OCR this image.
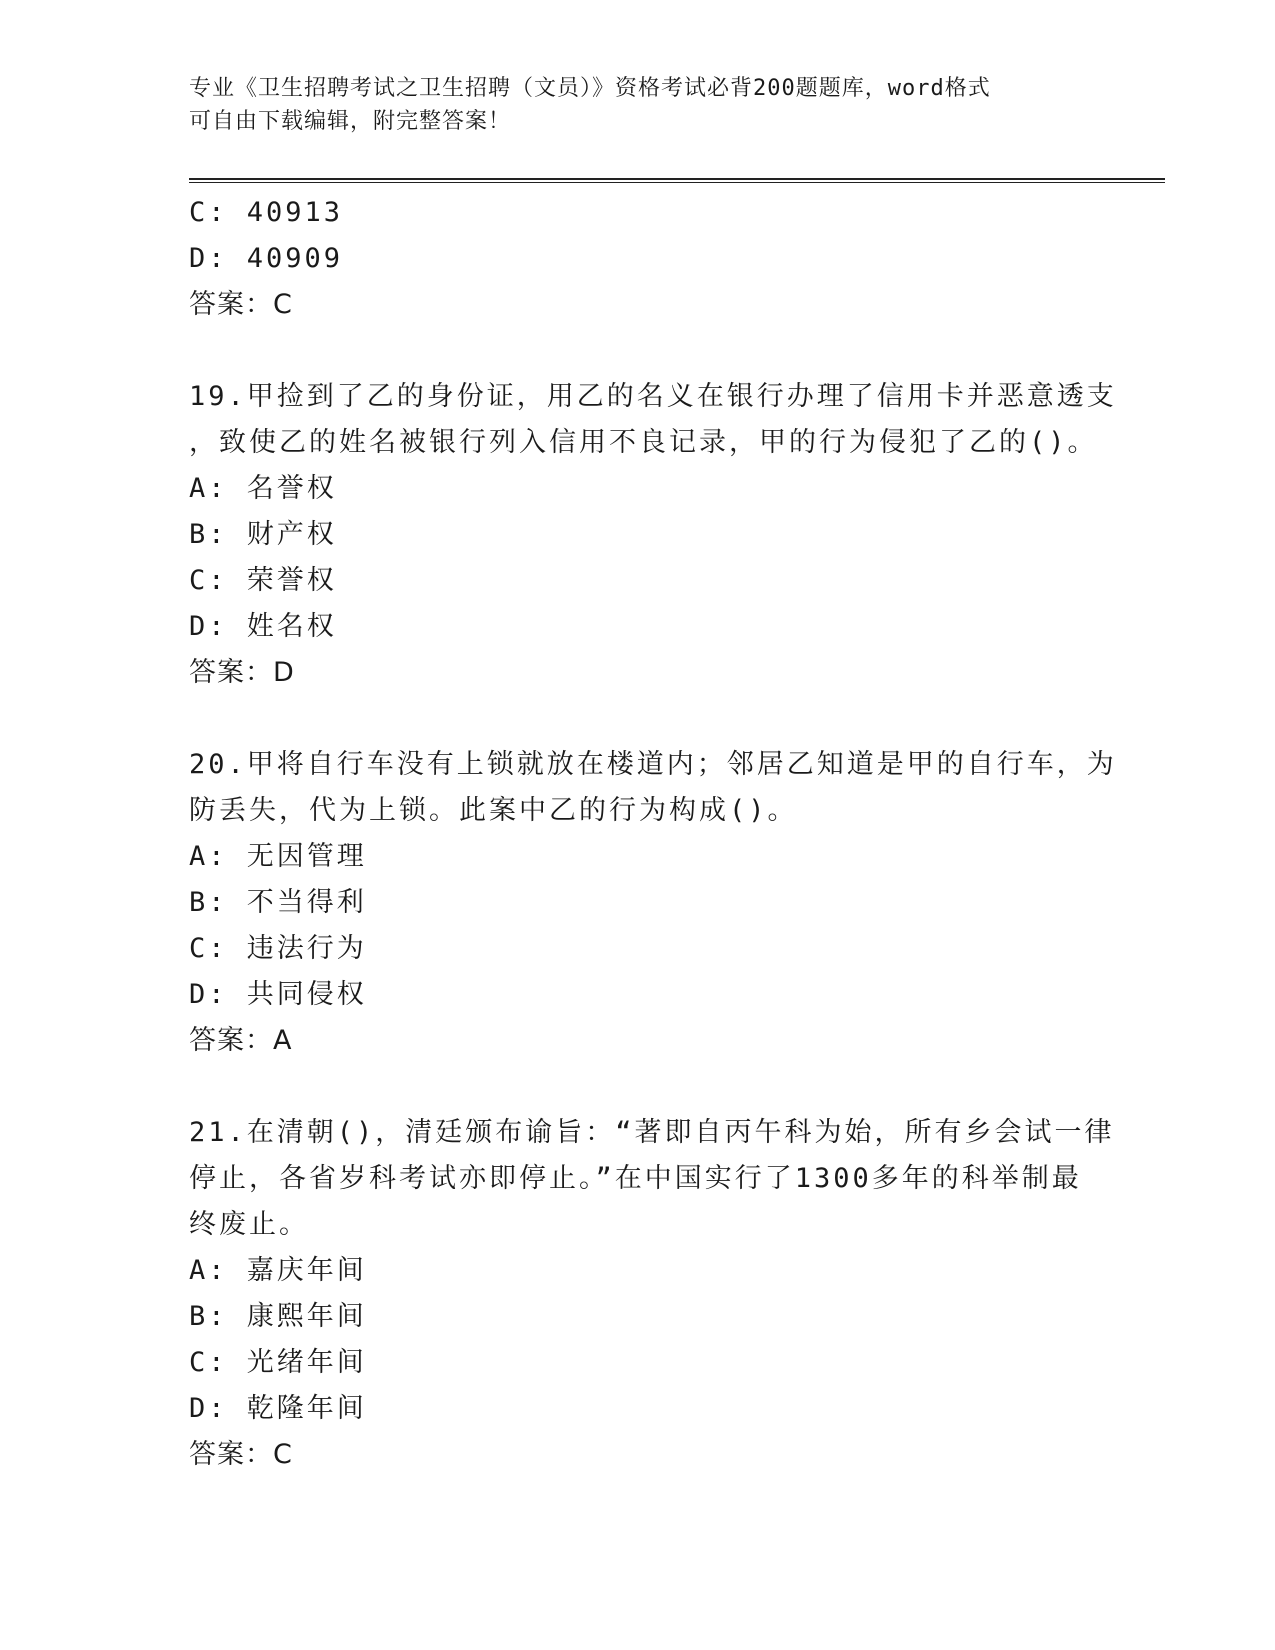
专业《卫生招聘考试之卫生招聘（文员）》资格考试必背200题题库，word格式
可自由下载编辑，附完整答案！
C: 40913
D: 40909
答案：C
19.甲捡到了乙的身份证，用乙的名义在银行办理了信用卡并恶意透支
，致使乙的姓名被银行列入信用不良记录，甲的行为侵犯了乙的()。
A: 名誉权
B: 财产权
C: 荣誉权
D: 姓名权
答案：D
20.甲将自行车没有上锁就放在楼道内；邻居乙知道是甲的自行车，为
防丢失，代为上锁。此案中乙的行为构成()。
A: 无因管理
B: 不当得利
C: 违法行为
D: 共同侵权
答案：A
21.在清朝()，清廷颁布谕旨：“著即自丙午科为始，所有乡会试一律
停止，各省岁科考试亦即停止。”在中国实行了1300多年的科举制最
终废止。
A: 嘉庆年间
B: 康熙年间
C: 光绪年间
D: 乾隆年间
答案：C
